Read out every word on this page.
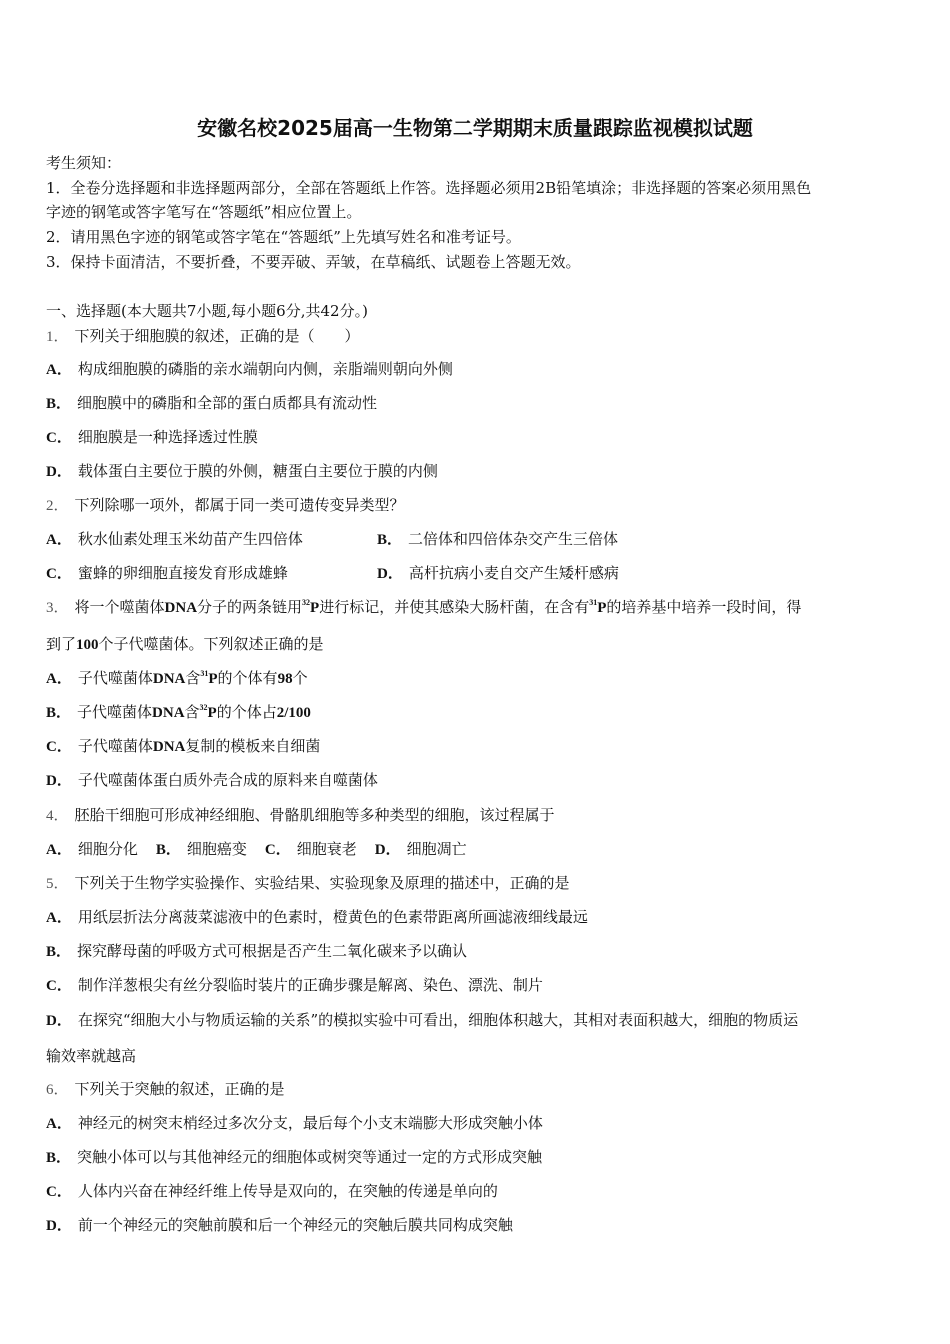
安徽名校2025届高一生物第二学期期末质量跟踪监视模拟试题
考生须知：
1．全卷分选择题和非选择题两部分，全部在答题纸上作答。选择题必须用2B铅笔填涂；非选择题的答案必须用黑色
字迹的钢笔或答字笔写在“答题纸”相应位置上。
2．请用黑色字迹的钢笔或答字笔在“答题纸”上先填写姓名和准考证号。
3．保持卡面清洁，不要折叠，不要弄破、弄皱，在草稿纸、试题卷上答题无效。
一、选择题(本大题共7小题,每小题6分,共42分。)
1． 下列关于细胞膜的叙述，正确的是（　　）
A． 构成细胞膜的磷脂的亲水端朝向内侧，亲脂端则朝向外侧
B． 细胞膜中的磷脂和全部的蛋白质都具有流动性
C． 细胞膜是一种选择透过性膜
D． 载体蛋白主要位于膜的外侧，糖蛋白主要位于膜的内侧
2． 下列除哪一项外，都属于同一类可遗传变异类型？
A． 秋水仙素处理玉米幼苗产生四倍体	B． 二倍体和四倍体杂交产生三倍体
C． 蜜蜂的卵细胞直接发育形成雄蜂	D． 高杆抗病小麦自交产生矮杆感病
3． 将一个噬菌体DNA分子的两条链用$^{32}$P进行标记，并使其感染大肠杆菌，在含有$^{31}$P的培养基中培养一段时间，得
到了100个子代噬菌体。下列叙述正确的是
A． 子代噬菌体DNA含$^{31}$P的个体有98个
B． 子代噬菌体DNA含$^{32}$P的个体占2/100
C． 子代噬菌体DNA复制的模板来自细菌
D． 子代噬菌体蛋白质外壳合成的原料来自噬菌体
4． 胚胎干细胞可形成神经细胞、骨骼肌细胞等多种类型的细胞，该过程属于
A． 细胞分化 B． 细胞癌变 C． 细胞衰老 D． 细胞凋亡
5． 下列关于生物学实验操作、实验结果、实验现象及原理的描述中，正确的是
A． 用纸层折法分离菠菜滤液中的色素时，橙黄色的色素带距离所画滤液细线最远
B． 探究酵母菌的呼吸方式可根据是否产生二氧化碳来予以确认
C． 制作洋葱根尖有丝分裂临时装片的正确步骤是解离、染色、漂洗、制片
D． 在探究“细胞大小与物质运输的关系”的模拟实验中可看出，细胞体积越大，其相对表面积越大，细胞的物质运
输效率就越高
6． 下列关于突触的叙述，正确的是
A． 神经元的树突末梢经过多次分支，最后每个小支末端膨大形成突触小体
B． 突触小体可以与其他神经元的细胞体或树突等通过一定的方式形成突触
C． 人体内兴奋在神经纤维上传导是双向的，在突触的传递是单向的
D． 前一个神经元的突触前膜和后一个神经元的突触后膜共同构成突触
